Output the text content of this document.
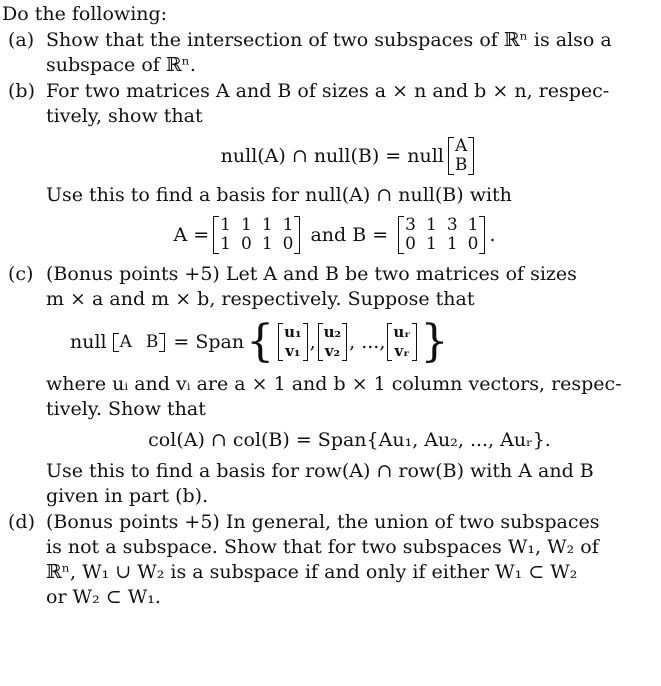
Do the following:

(a) Show that the intersection of two subspaces of ℝⁿ is also a

subspace of ℝⁿ.

(b) For two matrices A and B of sizes a × n and b × n, respec-

tively, show that

null(A) ∩ null(B) = null A
B

Use this to find a basis for null(A) ∩ null(B) with

A = 1 1 1 1
1 0 1 0 and B = 3 1 3 1
0 1 1 0 .
(c) (Bonus points +5) Let A and B be two matrices of sizes

m × a and m × b, respectively. Suppose that

null A B = Span { u₁
v₁ , u₂
v₂ , ..., uᵣ
vᵣ }

where uᵢ and vᵢ are a × 1 and b × 1 column vectors, respec-

tively. Show that

col(A) ∩ col(B) = Span{Au₁, Au₂, ..., Auᵣ}.

Use this to find a basis for row(A) ∩ row(B) with A and B

given in part (b).

(d) (Bonus points +5) In general, the union of two subspaces

is not a subspace. Show that for two subspaces W₁, W₂ of

ℝⁿ, W₁ ∪ W₂ is a subspace if and only if either W₁ ⊂ W₂

or W₂ ⊂ W₁.
